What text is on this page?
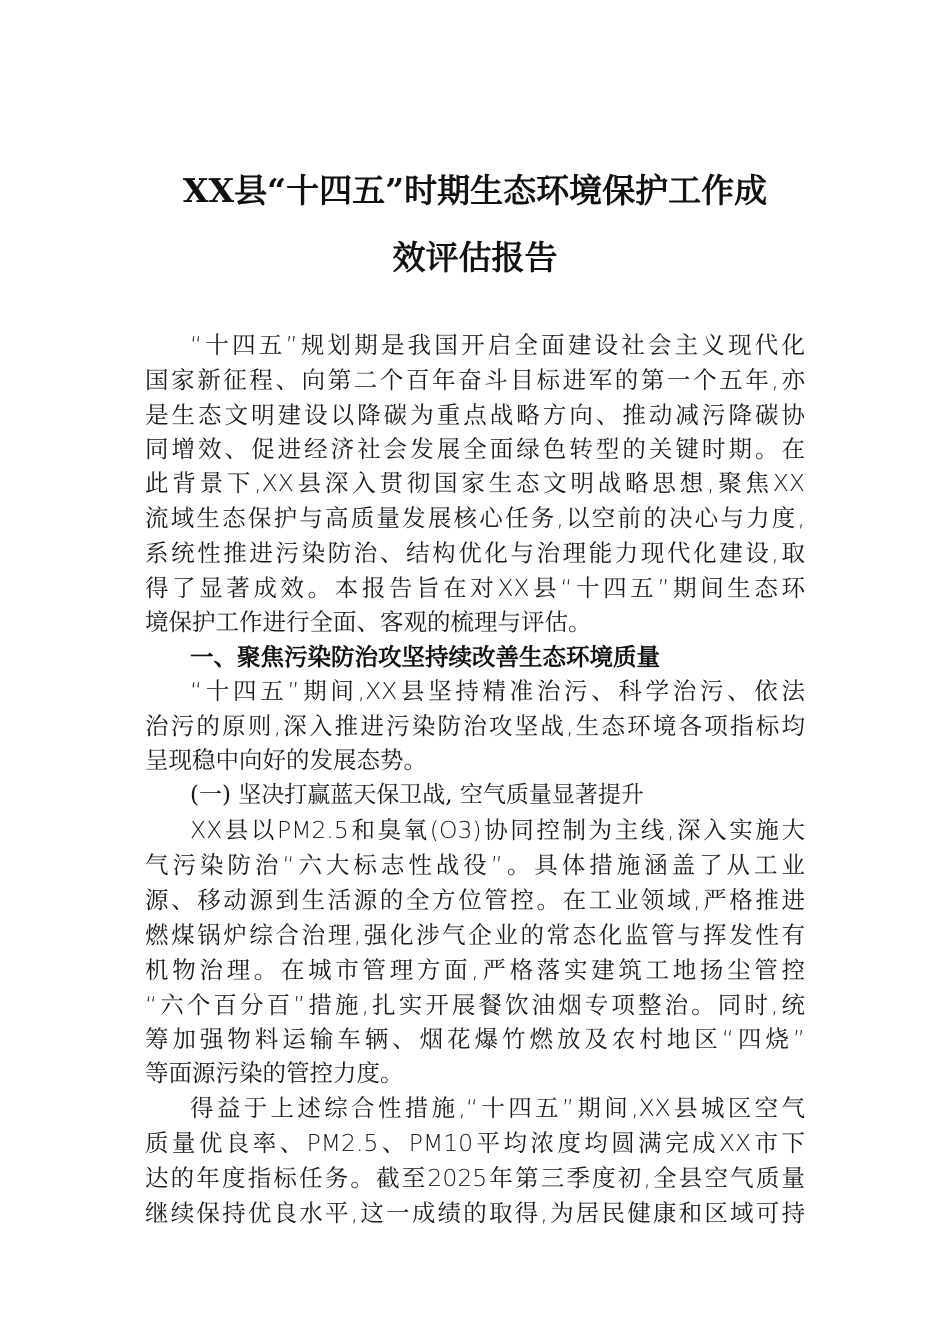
XX县“十四五”时期生态环境保护工作成
效评估报告
“十四五”规划期是我国开启全面建设社会主义现代化
国家新征程、向第二个百年奋斗目标进军的第一个五年,亦
是生态文明建设以降碳为重点战略方向、推动减污降碳协
同增效、促进经济社会发展全面绿色转型的关键时期。在
此背景下,XX县深入贯彻国家生态文明战略思想,聚焦XX
流域生态保护与高质量发展核心任务,以空前的决心与力度,
系统性推进污染防治、结构优化与治理能力现代化建设,取
得了显著成效。本报告旨在对XX县“十四五”期间生态环
境保护工作进行全面、客观的梳理与评估。
一、聚焦污染防治攻坚持续改善生态环境质量
“十四五”期间,XX县坚持精准治污、科学治污、依法
治污的原则,深入推进污染防治攻坚战,生态环境各项指标均
呈现稳中向好的发展态势。
(一) 坚决打赢蓝天保卫战, 空气质量显著提升
XX县以PM2.5和臭氧(O3)协同控制为主线,深入实施大
气污染防治“六大标志性战役”。具体措施涵盖了从工业
源、移动源到生活源的全方位管控。在工业领域,严格推进
燃煤锅炉综合治理,强化涉气企业的常态化监管与挥发性有
机物治理。在城市管理方面,严格落实建筑工地扬尘管控
“六个百分百”措施,扎实开展餐饮油烟专项整治。同时,统
筹加强物料运输车辆、烟花爆竹燃放及农村地区“四烧”
等面源污染的管控力度。
得益于上述综合性措施,“十四五”期间,XX县城区空气
质量优良率、PM2.5、PM10平均浓度均圆满完成XX市下
达的年度指标任务。截至2025年第三季度初,全县空气质量
继续保持优良水平,这一成绩的取得,为居民健康和区域可持
